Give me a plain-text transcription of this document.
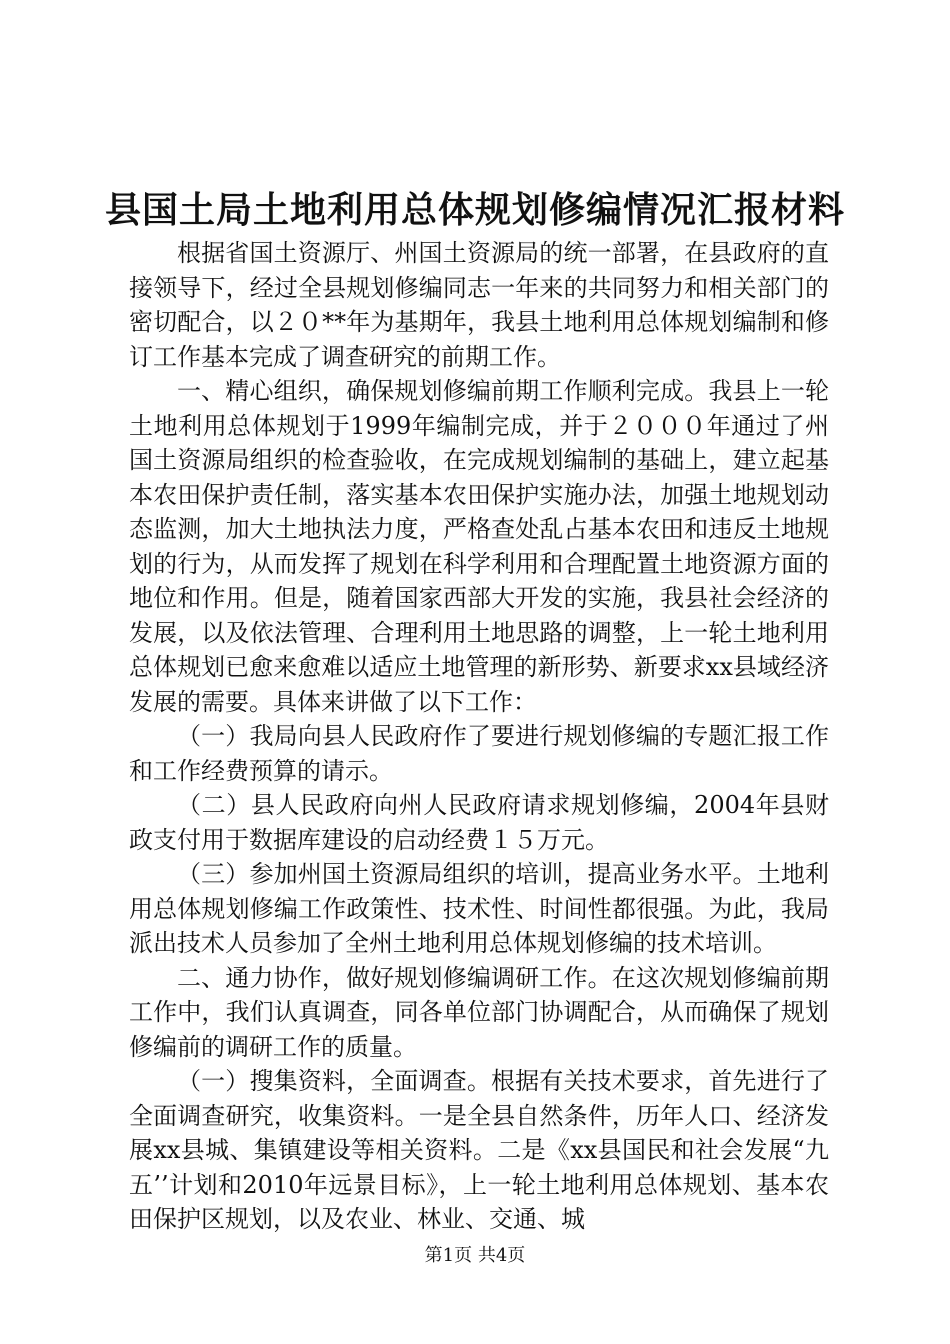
县国土局土地利用总体规划修编情况汇报材料

根据省国土资源厅、州国土资源局的统一部署，在县政府的直接领导下，经过全县规划修编同志一年来的共同努力和相关部门的密切配合，以２０**年为基期年，我县土地利用总体规划编制和修订工作基本完成了调查研究的前期工作。

一、精心组织，确保规划修编前期工作顺利完成。我县上一轮土地利用总体规划于1999年编制完成，并于２０００年通过了州国土资源局组织的检查验收，在完成规划编制的基础上，建立起基本农田保护责任制，落实基本农田保护实施办法，加强土地规划动态监测，加大土地执法力度，严格查处乱占基本农田和违反土地规划的行为，从而发挥了规划在科学利用和合理配置土地资源方面的地位和作用。但是，随着国家西部大开发的实施，我县社会经济的发展，以及依法管理、合理利用土地思路的调整，上一轮土地利用总体规划已愈来愈难以适应土地管理的新形势、新要求xx县域经济发展的需要。具体来讲做了以下工作：

（一）我局向县人民政府作了要进行规划修编的专题汇报工作和工作经费预算的请示。

（二）县人民政府向州人民政府请求规划修编，2004年县财政支付用于数据库建设的启动经费１５万元。

（三）参加州国土资源局组织的培训，提高业务水平。土地利用总体规划修编工作政策性、技术性、时间性都很强。为此，我局派出技术人员参加了全州土地利用总体规划修编的技术培训。

二、通力协作，做好规划修编调研工作。在这次规划修编前期工作中，我们认真调查，同各单位部门协调配合，从而确保了规划修编前的调研工作的质量。

（一）搜集资料，全面调查。根据有关技术要求，首先进行了全面调查研究，收集资料。一是全县自然条件，历年人口、经济发展xx县城、集镇建设等相关资料。二是《xx县国民和社会发展“九五’’计划和2010年远景目标》，上一轮土地利用总体规划、基本农田保护区规划，以及农业、林业、交通、城

第1页 共4页
